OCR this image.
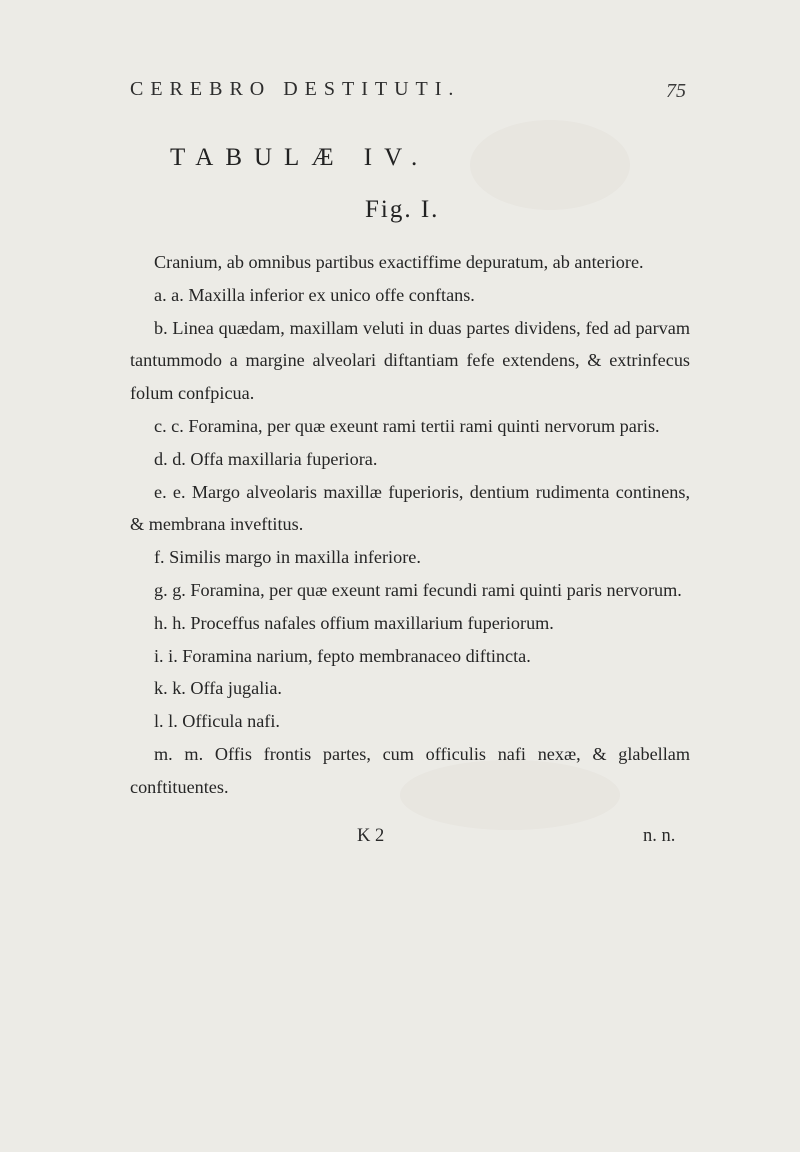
CEREBRO DESTITUTI.	75
TABULÆ IV.
Fig. I.

Cranium, ab omnibus partibus exactiffime depuratum, ab anteriore.

a. a. Maxilla inferior ex unico offe conftans.

b. Linea quædam, maxillam veluti in duas partes dividens, fed ad parvam tantummodo a margine alveolari diftantiam fefe extendens, & extrinfecus folum confpicua.

c. c. Foramina, per quæ exeunt rami tertii rami quinti nervorum paris.

d. d. Offa maxillaria fuperiora.

e. e. Margo alveolaris maxillæ fuperioris, dentium rudimenta continens, & membrana inveftitus.

f. Similis margo in maxilla inferiore.

g. g. Foramina, per quæ exeunt rami fecundi rami quinti paris nervorum.

h. h. Proceffus nafales offium maxillarium fuperiorum.

i. i. Foramina narium, fepto membranaceo diftincta.

k. k. Offa jugalia.

l. l. Officula nafi.

m. m. Offis frontis partes, cum officulis nafi nexæ, & glabellam conftituentes.

K 2	n. n.
